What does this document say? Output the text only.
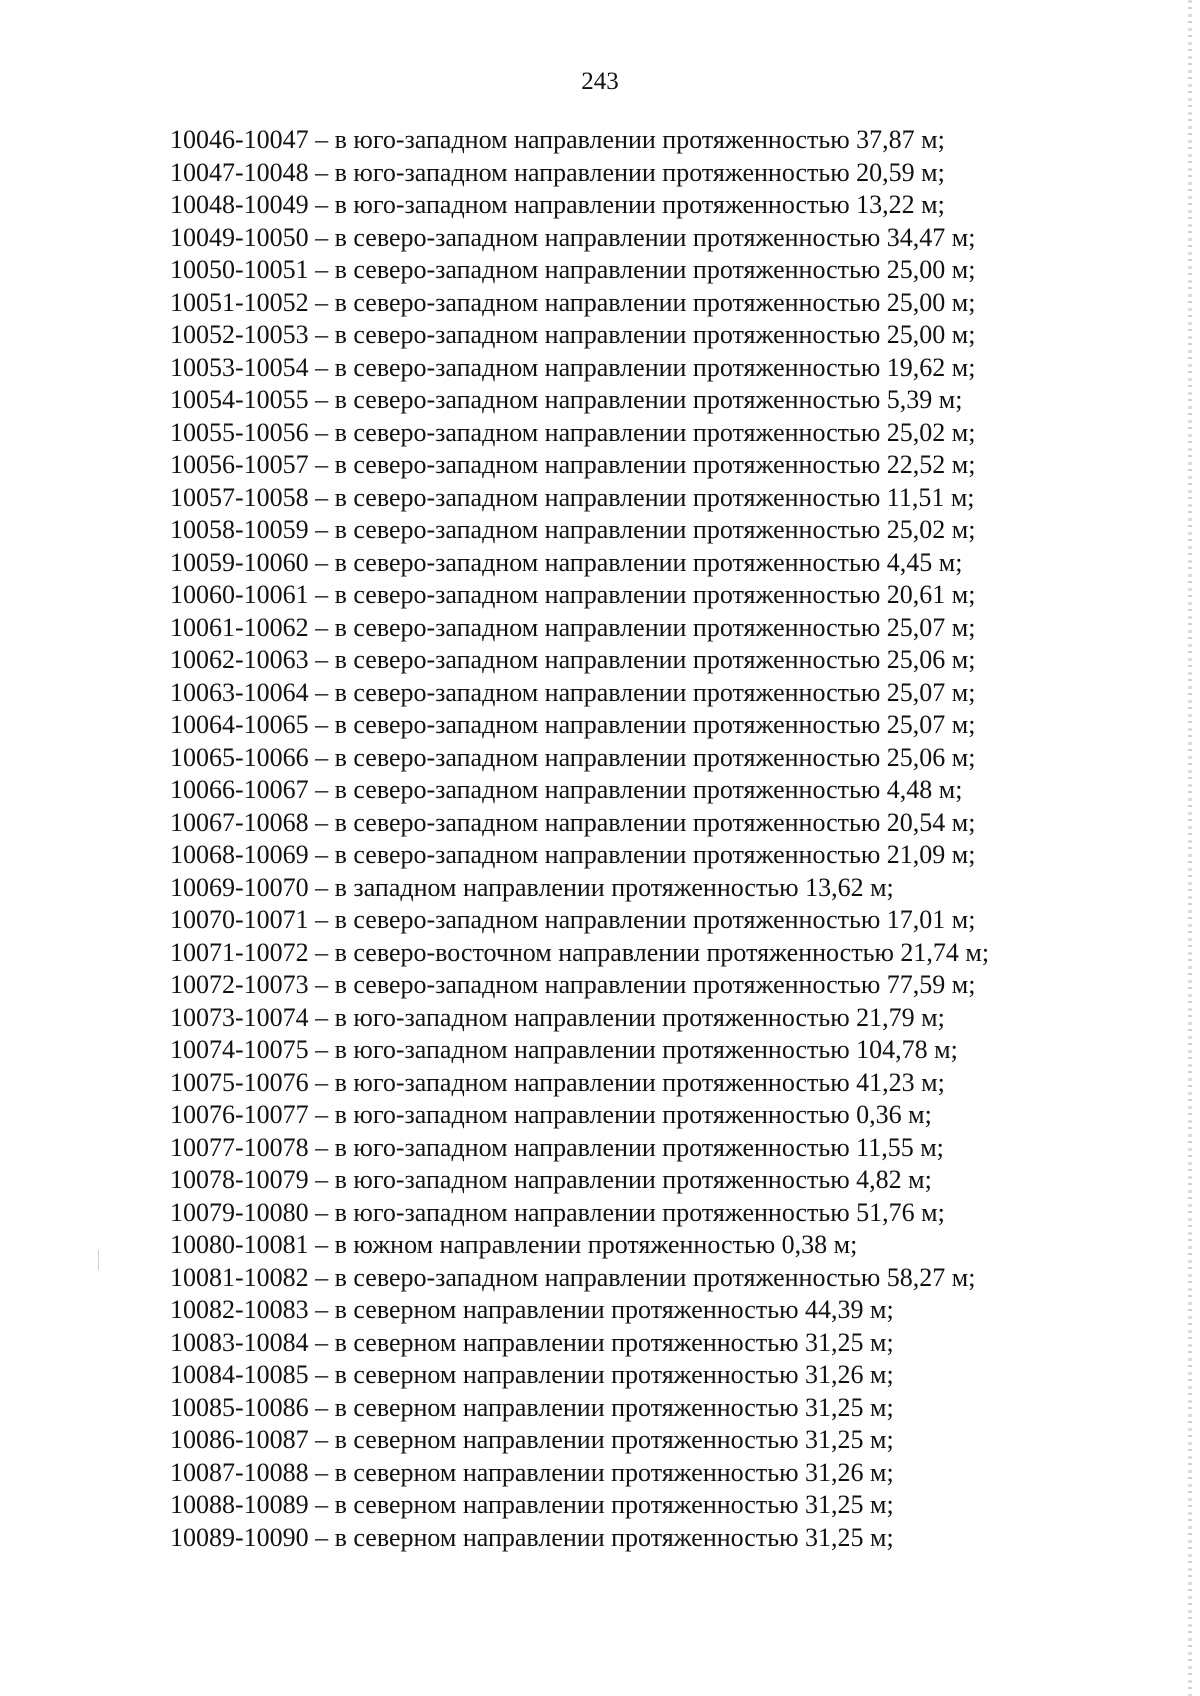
243
10046-10047 – в юго-западном направлении протяженностью 37,87 м;
10047-10048 – в юго-западном направлении протяженностью 20,59 м;
10048-10049 – в юго-западном направлении протяженностью 13,22 м;
10049-10050 – в северо-западном направлении протяженностью 34,47 м;
10050-10051 – в северо-западном направлении протяженностью 25,00 м;
10051-10052 – в северо-западном направлении протяженностью 25,00 м;
10052-10053 – в северо-западном направлении протяженностью 25,00 м;
10053-10054 – в северо-западном направлении протяженностью 19,62 м;
10054-10055 – в северо-западном направлении протяженностью 5,39 м;
10055-10056 – в северо-западном направлении протяженностью 25,02 м;
10056-10057 – в северо-западном направлении протяженностью 22,52 м;
10057-10058 – в северо-западном направлении протяженностью 11,51 м;
10058-10059 – в северо-западном направлении протяженностью 25,02 м;
10059-10060 – в северо-западном направлении протяженностью 4,45 м;
10060-10061 – в северо-западном направлении протяженностью 20,61 м;
10061-10062 – в северо-западном направлении протяженностью 25,07 м;
10062-10063 – в северо-западном направлении протяженностью 25,06 м;
10063-10064 – в северо-западном направлении протяженностью 25,07 м;
10064-10065 – в северо-западном направлении протяженностью 25,07 м;
10065-10066 – в северо-западном направлении протяженностью 25,06 м;
10066-10067 – в северо-западном направлении протяженностью 4,48 м;
10067-10068 – в северо-западном направлении протяженностью 20,54 м;
10068-10069 – в северо-западном направлении протяженностью 21,09 м;
10069-10070 – в западном направлении протяженностью 13,62 м;
10070-10071 – в северо-западном направлении протяженностью 17,01 м;
10071-10072 – в северо-восточном направлении протяженностью 21,74 м;
10072-10073 – в северо-западном направлении протяженностью 77,59 м;
10073-10074 – в юго-западном направлении протяженностью 21,79 м;
10074-10075 – в юго-западном направлении протяженностью 104,78 м;
10075-10076 – в юго-западном направлении протяженностью 41,23 м;
10076-10077 – в юго-западном направлении протяженностью 0,36 м;
10077-10078 – в юго-западном направлении протяженностью 11,55 м;
10078-10079 – в юго-западном направлении протяженностью 4,82 м;
10079-10080 – в юго-западном направлении протяженностью 51,76 м;
10080-10081 – в южном направлении протяженностью 0,38 м;
10081-10082 – в северо-западном направлении протяженностью 58,27 м;
10082-10083 – в северном направлении протяженностью 44,39 м;
10083-10084 – в северном направлении протяженностью 31,25 м;
10084-10085 – в северном направлении протяженностью 31,26 м;
10085-10086 – в северном направлении протяженностью 31,25 м;
10086-10087 – в северном направлении протяженностью 31,25 м;
10087-10088 – в северном направлении протяженностью 31,26 м;
10088-10089 – в северном направлении протяженностью 31,25 м;
10089-10090 – в северном направлении протяженностью 31,25 м;
